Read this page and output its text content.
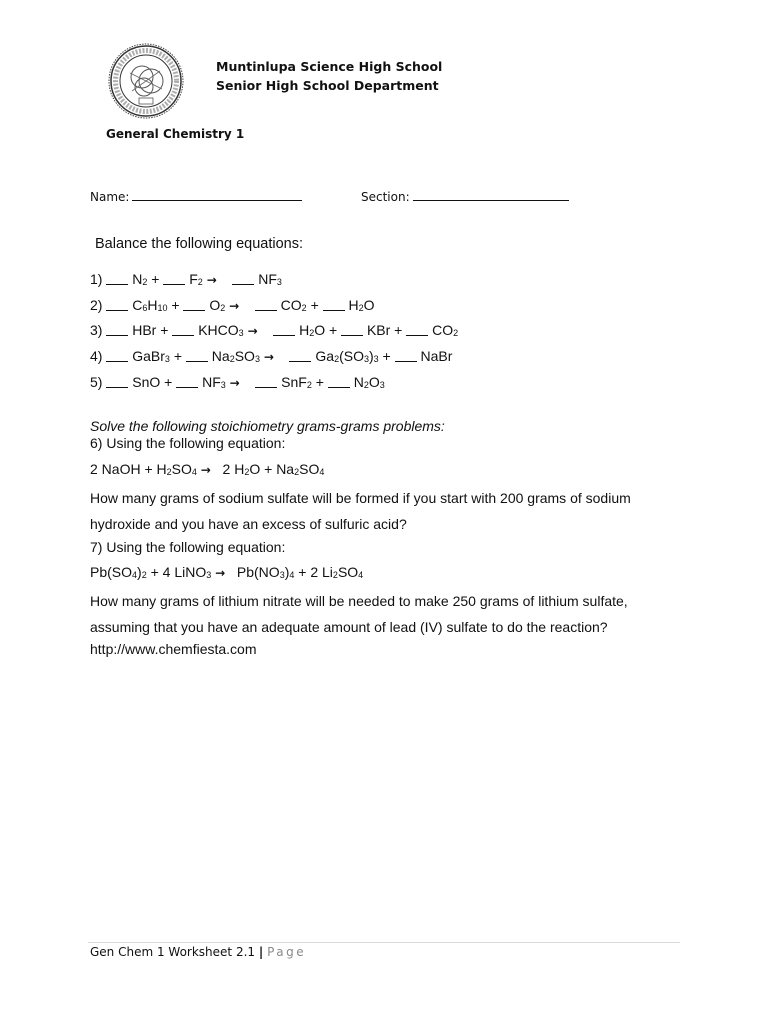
Muntinlupa Science High School
Senior High School Department
General Chemistry 1
Name:	Section:
Balance the following equations:
1)  $N_2 + F_2$ →	$NF_3$
2)  $C_6H_{10} + O_2$ →	$CO_2 + H_2O$
3)  HBr +  $KHCO_3$ →	$H_2O$ +  KBr +  $CO_2$
4)  GaBr$_3$ +  $Na_2SO_3$ →	$Ga_2(SO_3)_3$ +  NaBr
5)  SnO +  $NF_3$ →	$SnF_2 + N_2O_3$
Solve the following stoichiometry grams-grams problems:
6) Using the following equation:
2 NaOH + $H_2SO_4 \to 2$ $H_2O + Na_2SO_4$
How many grams of sodium sulfate will be formed if you start with 200 grams of sodium hydroxide and you have an excess of sulfuric acid?
7) Using the following equation:
$Pb(SO_4)_2 + 4$ LiNO$_3$ →   $Pb(NO_3)_4 + 2$ $Li_2SO_4$
How many grams of lithium nitrate will be needed to make 250 grams of lithium sulfate, assuming that you have an adequate amount of lead (IV) sulfate to do the reaction?
http://www.chemfiesta.com
Gen Chem 1 Worksheet 2.1 | Page
